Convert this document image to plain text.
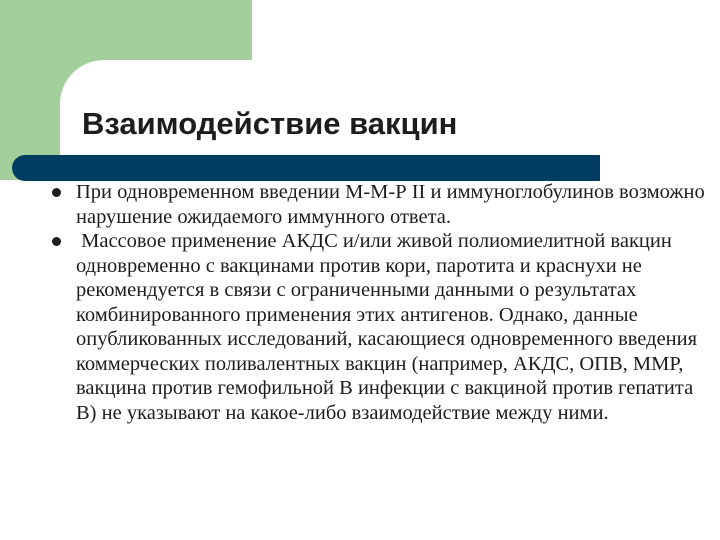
Взаимодействие вакцин
При одновременном введении М-М-Р II и иммуноглобулинов возможно нарушение ожидаемого иммунного ответа.
Массовое применение АКДС и/или живой полиомиелитной вакцин одновременно с вакцинами против кори, паротита и краснухи не рекомендуется в связи с ограниченными данными о результатах комбинированного применения этих антигенов. Однако, данные опубликованных исследований, касающиеся одновременного введения коммерческих поливалентных вакцин (например, АКДС, ОПВ, ММР, вакцина против гемофильной В инфекции с вакциной против гепатита В) не указывают на какое-либо взаимодействие между ними.
